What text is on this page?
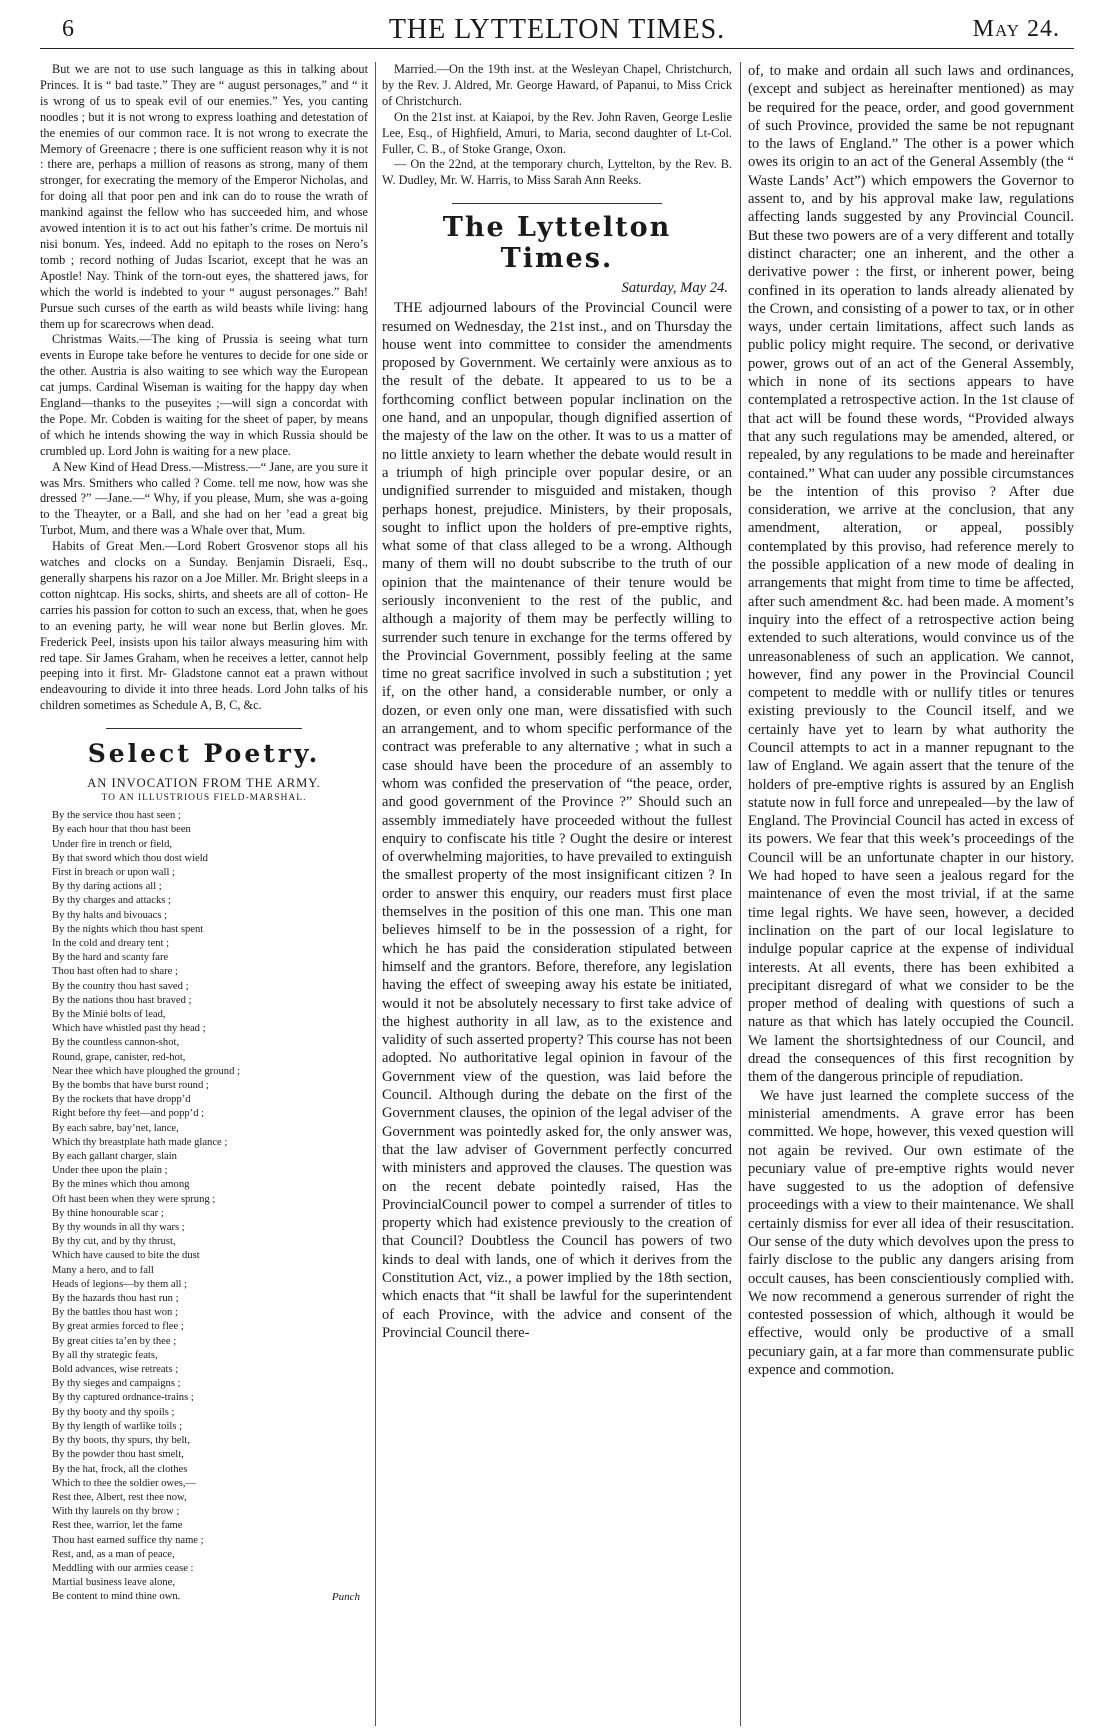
6	THE LYTTELTON TIMES.	May 24.

But we are not to use such language as this in talking about Princes. It is “ bad taste.” They are “ august personages,” and “ it is wrong of us to speak evil of our enemies.” Yes, you canting noodles ; but it is not wrong to express loathing and detestation of the enemies of our common race. It is not wrong to execrate the Memory of Greenacre ; there is one sufficient reason why it is not : there are, perhaps a million of reasons as strong, many of them stronger, for execrating the memory of the Emperor Nicholas, and for doing all that poor pen and ink can do to rouse the wrath of mankind against the fellow who has succeeded him, and whose avowed intention it is to act out his father’s crime. De mortuis nil nisi bonum. Yes, indeed. Add no epitaph to the roses on Nero’s tomb ; record nothing of Judas Iscariot, except that he was an Apostle! Nay. Think of the torn-out eyes, the shattered jaws, for which the world is indebted to your “ august personages.” Bah! Pursue such curses of the earth as wild beasts while living: hang them up for scarecrows when dead.

Christmas Waits.—The king of Prussia is seeing what turn events in Europe take before he ventures to decide for one side or the other. Austria is also waiting to see which way the European cat jumps. Cardinal Wiseman is waiting for the happy day when England—thanks to the puseyites ;—will sign a concordat with the Pope. Mr. Cobden is waiting for the sheet of paper, by means of which he intends showing the way in which Russia should be crumbled up. Lord John is waiting for a new place.

A New Kind of Head Dress.—Mistress.—“ Jane, are you sure it was Mrs. Smithers who called ? Come. tell me now, how was she dressed ?” —Jane.—“ Why, if you please, Mum, she was a-going to the Theayter, or a Ball, and she had on her ’ead a great big Turbot, Mum, and there was a Whale over that, Mum.

Habits of Great Men.—Lord Robert Grosvenor stops all his watches and clocks on a Sunday. Benjamin Disraeli, Esq., generally sharpens his razor on a Joe Miller. Mr. Bright sleeps in a cotton nightcap. His socks, shirts, and sheets are all of cotton- He carries his passion for cotton to such an excess, that, when he goes to an evening party, he will wear none but Berlin gloves. Mr. Frederick Peel, insists upon his tailor always measuring him with red tape. Sir James Graham, when he receives a letter, cannot help peeping into it first. Mr- Gladstone cannot eat a prawn without endeavouring to divide it into three heads. Lord John talks of his children sometimes as Schedule A, B, C, &c.

Select Poetry.
AN INVOCATION FROM THE ARMY.
TO AN ILLUSTRIOUS FIELD-MARSHAL.
By the service thou hast seen ;
By each hour that thou hast been
Under fire in trench or field,
By that sword which thou dost wield
First in breach or upon wall ;
By thy daring actions all ;
By thy charges and attacks ;
By thy halts and bivouacs ;
By the nights which thou hast spent
In the cold and dreary tent ;
By the hard and scanty fare
Thou hast often had to share ;
By the country thou hast saved ;
By the nations thou hast braved ;
By the Minié bolts of lead,
Which have whistled past thy head ;
By the countless cannon-shot,
Round, grape, canister, red-hot,
Near thee which have ploughed the ground ;
By the bombs that have burst round ;
By the rockets that have dropp’d
Right before thy feet—and popp’d ;
By each sabre, bay’net, lance,
Which thy breastplate hath made glance ;
By each gallant charger, slain
Under thee upon the plain ;
By the mines which thou among
Oft hast been when they were sprung ;
By thine honourable scar ;
By thy wounds in all thy wars ;
By thy cut, and by thy thrust,
Which have caused to bite the dust
Many a hero, and to fall
Heads of legions—by them all ;
By the hazards thou hast run ;
By the battles thou hast won ;
By great armies forced to flee ;
By great cities ta’en by thee ;
By all thy strategic feats,
Bold advances, wise retreats ;
By thy sieges and campaigns ;
By thy captured ordnance-trains ;
By thy booty and thy spoils ;
By thy length of warlike toils ;
By thy boots, thy spurs, thy belt,
By the powder thou hast smelt,
By the hat, frock, all the clothes
Which to thee the soldier owes,—
Rest thee, Albert, rest thee now,
With thy laurels on thy brow ;
Rest thee, warrior, let the fame
Thou hast earned suffice thy name ;
Rest, and, as a man of peace,
Meddling with our armies cease :
Martial business leave alone,
Be content to mind thine own.	Punch

Married.—On the 19th inst. at the Wesleyan Chapel, Christchurch, by the Rev. J. Aldred, Mr. George Haward, of Papanui, to Miss Crick of Christchurch.

On the 21st inst. at Kaiapoi, by the Rev. John Raven, George Leslie Lee, Esq., of Highfield, Amuri, to Maria, second daughter of Lt-Col. Fuller, C. B., of Stoke Grange, Oxon.

— On the 22nd, at the temporary church, Lyttelton, by the Rev. B. W. Dudley, Mr. W. Harris, to Miss Sarah Ann Reeks.

The Lyttelton Times.
Saturday, May 24.

THE adjourned labours of the Provincial Council were resumed on Wednesday, the 21st inst., and on Thursday the house went into committee to consider the amendments proposed by Government. We certainly were anxious as to the result of the debate. It appeared to us to be a forthcoming conflict between popular inclination on the one hand, and an unpopular, though dignified assertion of the majesty of the law on the other. It was to us a matter of no little anxiety to learn whether the debate would result in a triumph of high principle over popular desire, or an undignified surrender to misguided and mistaken, though perhaps honest, prejudice. Ministers, by their proposals, sought to inflict upon the holders of pre-emptive rights, what some of that class alleged to be a wrong. Although many of them will no doubt subscribe to the truth of our opinion that the maintenance of their tenure would be seriously inconvenient to the rest of the public, and although a majority of them may be perfectly willing to surrender such tenure in exchange for the terms offered by the Provincial Government, possibly feeling at the same time no great sacrifice involved in such a substitution ; yet if, on the other hand, a considerable number, or only a dozen, or even only one man, were dissatisfied with such an arrangement, and to whom specific performance of the contract was preferable to any alternative ; what in such a case should have been the procedure of an assembly to whom was confided the preservation of “the peace, order, and good government of the Province ?” Should such an assembly immediately have proceeded without the fullest enquiry to confiscate his title ? Ought the desire or interest of overwhelming majorities, to have prevailed to extinguish the smallest property of the most insignificant citizen ? In order to answer this enquiry, our readers must first place themselves in the position of this one man. This one man believes himself to be in the possession of a right, for which he has paid the consideration stipulated between himself and the grantors. Before, therefore, any legislation having the effect of sweeping away his estate be initiated, would it not be absolutely necessary to first take advice of the highest authority in all law, as to the existence and validity of such asserted property? This course has not been adopted. No authoritative legal opinion in favour of the Government view of the question, was laid before the Council. Although during the debate on the first of the Government clauses, the opinion of the legal adviser of the Government was pointedly asked for, the only answer was, that the law adviser of Government perfectly concurred with ministers and approved the clauses. The question was on the recent debate pointedly raised, Has the ProvincialCouncil power to compel a surrender of titles to property which had existence previously to the creation of that Council? Doubtless the Council has powers of two kinds to deal with lands, one of which it derives from the Constitution Act, viz., a power implied by the 18th section, which enacts that “it shall be lawful for the superintendent of each Province, with the advice and consent of the Provincial Council there-

of, to make and ordain all such laws and ordinances, (except and subject as hereinafter mentioned) as may be required for the peace, order, and good government of such Province, provided the same be not repugnant to the laws of England.” The other is a power which owes its origin to an act of the General Assembly (the “ Waste Lands’ Act”) which empowers the Governor to assent to, and by his approval make law, regulations affecting lands suggested by any Provincial Council. But these two powers are of a very different and totally distinct character; one an inherent, and the other a derivative power : the first, or inherent power, being confined in its operation to lands already alienated by the Crown, and consisting of a power to tax, or in other ways, under certain limitations, affect such lands as public policy might require. The second, or derivative power, grows out of an act of the General Assembly, which in none of its sections appears to have contemplated a retrospective action. In the 1st clause of that act will be found these words, “Provided always that any such regulations may be amended, altered, or repealed, by any regulations to be made and hereinafter contained.” What can uuder any possible circumstances be the intention of this proviso ? After due consideration, we arrive at the conclusion, that any amendment, alteration, or appeal, possibly contemplated by this proviso, had reference merely to the possible application of a new mode of dealing in arrangements that might from time to time be affected, after such amendment &c. had been made. A moment’s inquiry into the effect of a retrospective action being extended to such alterations, would convince us of the unreasonableness of such an application. We cannot, however, find any power in the Provincial Council competent to meddle with or nullify titles or tenures existing previously to the Council itself, and we certainly have yet to learn by what authority the Council attempts to act in a manner repugnant to the law of England. We again assert that the tenure of the holders of pre-emptive rights is assured by an English statute now in full force and unrepealed—by the law of England. The Provincial Council has acted in excess of its powers. We fear that this week’s proceedings of the Council will be an unfortunate chapter in our history. We had hoped to have seen a jealous regard for the maintenance of even the most trivial, if at the same time legal rights. We have seen, however, a decided inclination on the part of our local legislature to indulge popular caprice at the expense of individual interests. At all events, there has been exhibited a precipitant disregard of what we consider to be the proper method of dealing with questions of such a nature as that which has lately occupied the Council. We lament the shortsightedness of our Council, and dread the consequences of this first recognition by them of the dangerous principle of repudiation.

We have just learned the complete success of the ministerial amendments. A grave error has been committed. We hope, however, this vexed question will not again be revived. Our own estimate of the pecuniary value of pre-emptive rights would never have suggested to us the adoption of defensive proceedings with a view to their maintenance. We shall certainly dismiss for ever all idea of their resuscitation. Our sense of the duty which devolves upon the press to fairly disclose to the public any dangers arising from occult causes, has been conscientiously complied with. We now recommend a generous surrender of right the contested possession of which, although it would be effective, would only be productive of a small pecuniary gain, at a far more than commensurate public expence and commotion.
